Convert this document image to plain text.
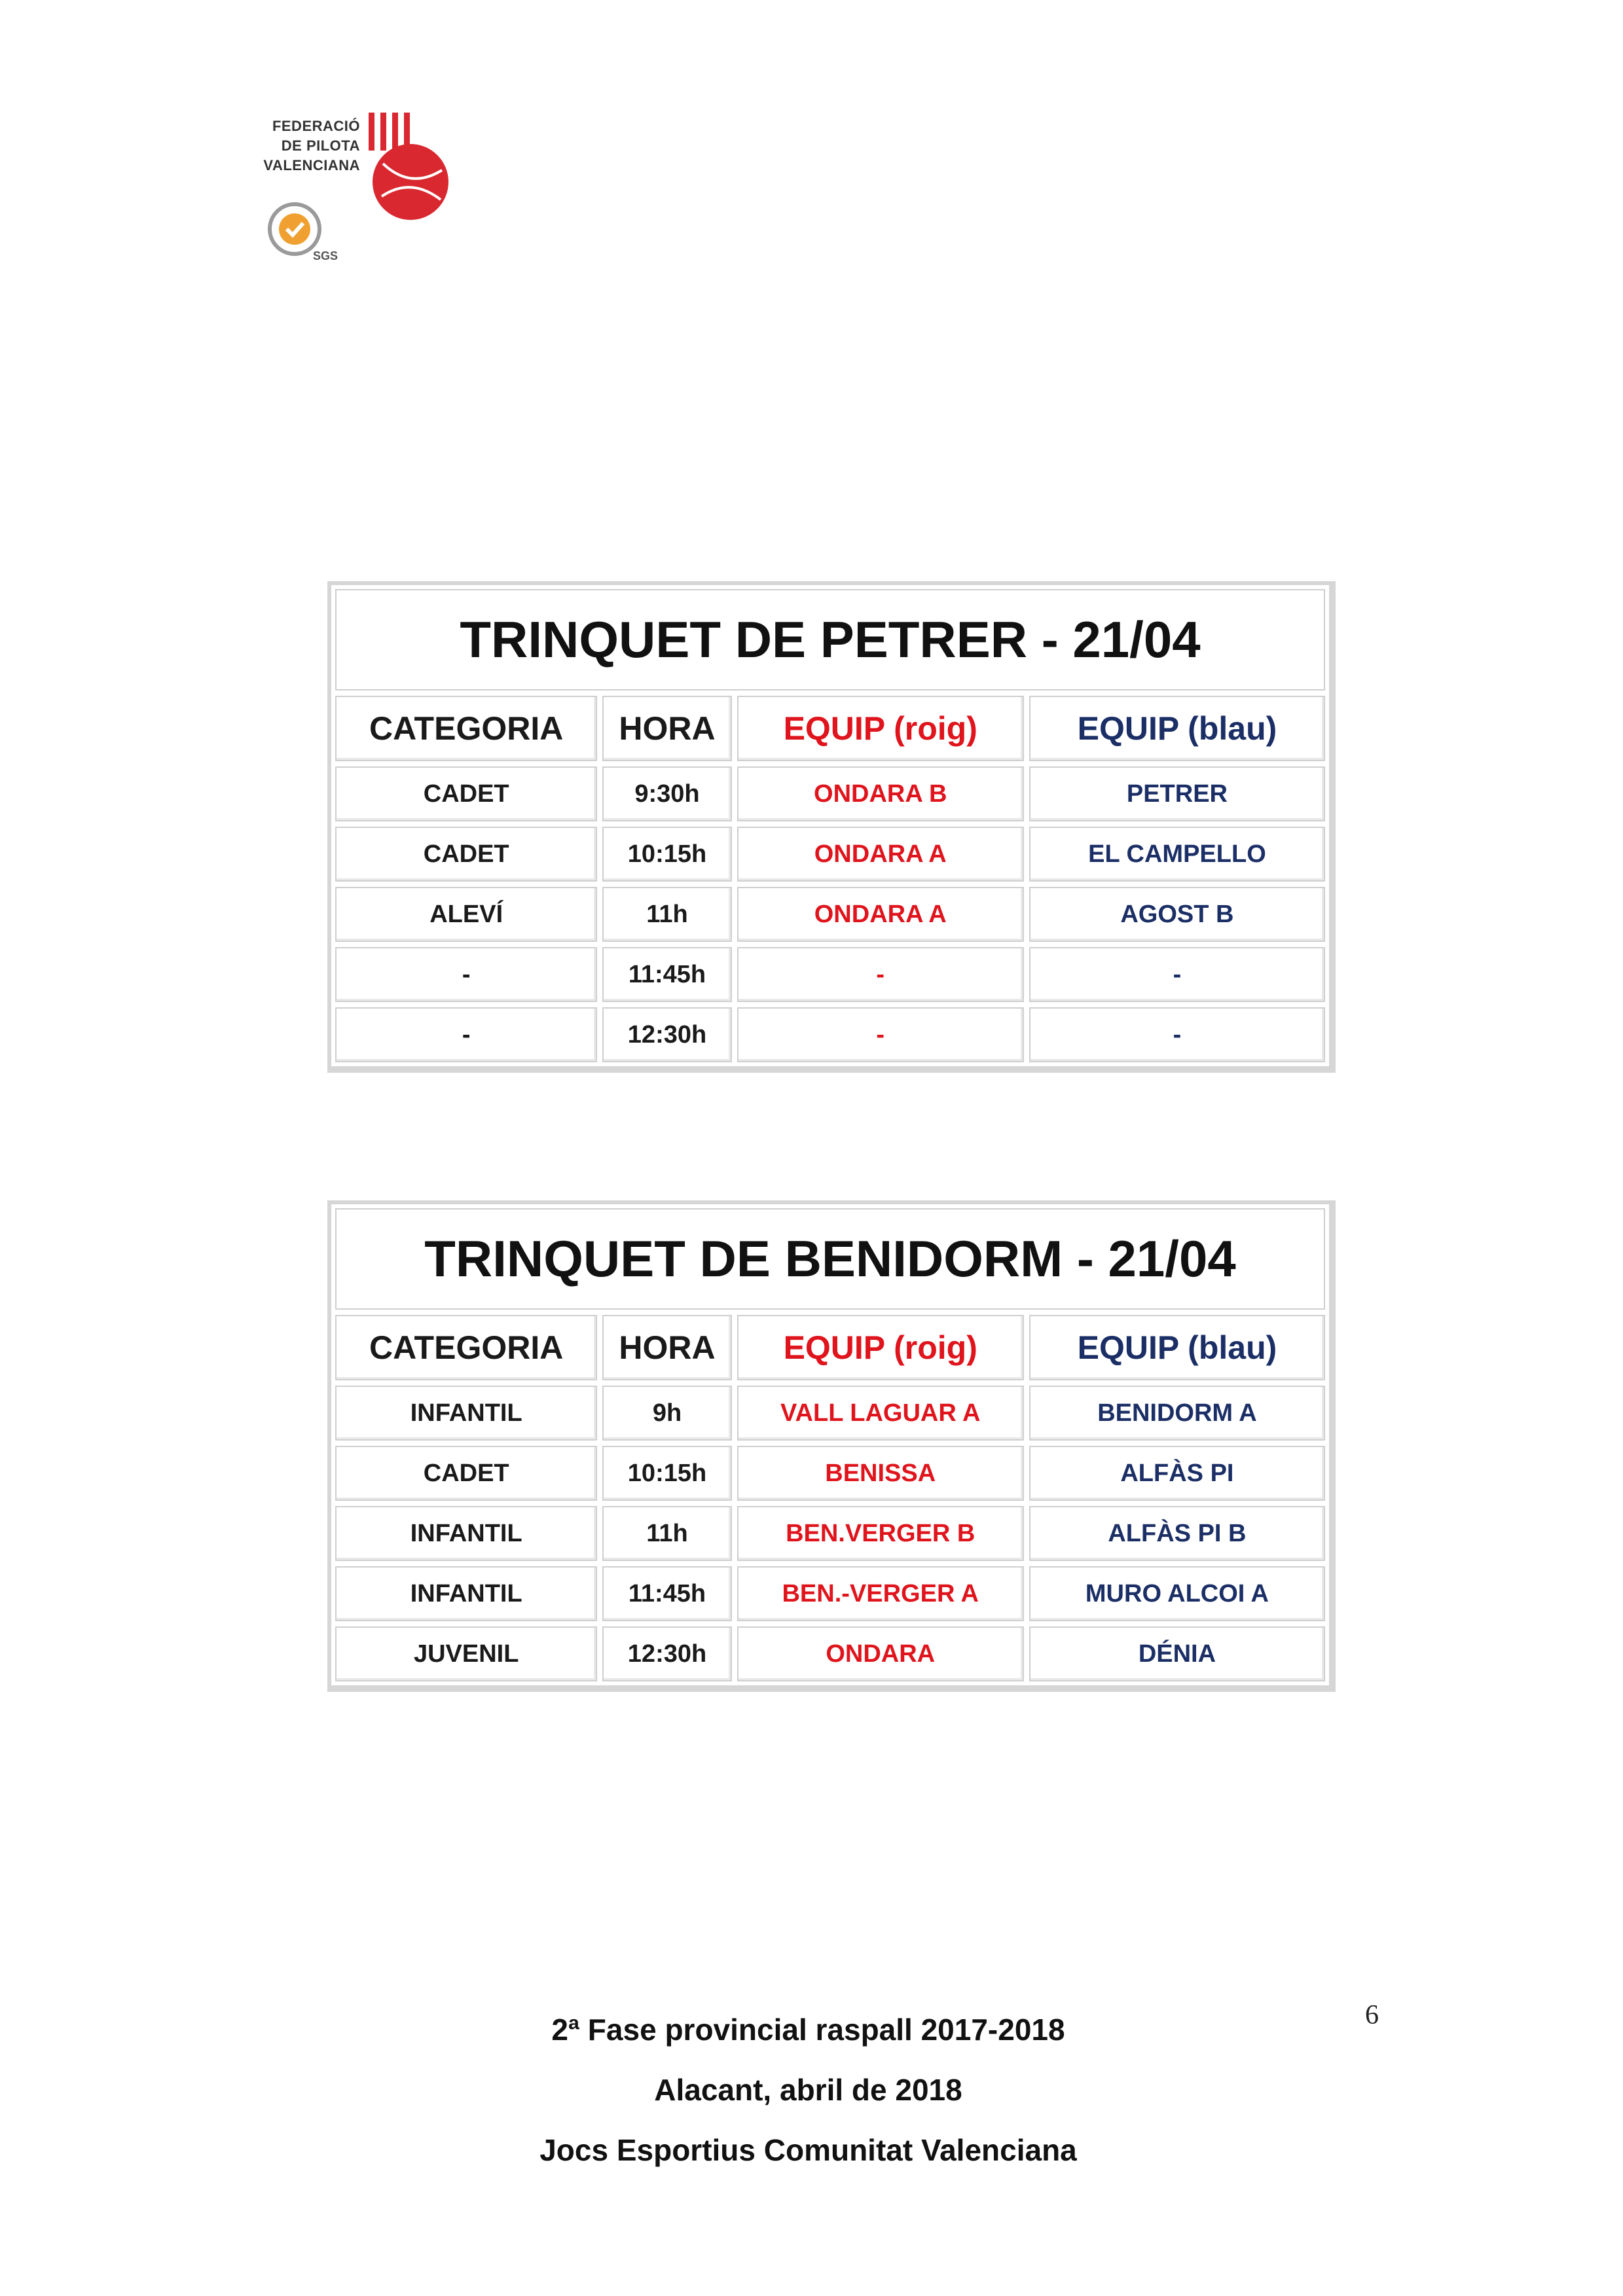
FEDERACIÓ
DE PILOTA
VALENCIANA
SGS
TRINQUET DE PETRER - 21/04
CATEGORIA	HORA	EQUIP (roig)	EQUIP (blau)
CADET	9:30h	ONDARA B	PETRER
CADET	10:15h	ONDARA A	EL CAMPELLO
ALEVÍ	11h	ONDARA A	AGOST B
-	11:45h	-	-
-	12:30h	-	-
TRINQUET DE BENIDORM - 21/04
CATEGORIA	HORA	EQUIP (roig)	EQUIP (blau)
INFANTIL	9h	VALL LAGUAR A	BENIDORM A
CADET	10:15h	BENISSA	ALFÀS PI
INFANTIL	11h	BEN.VERGER B	ALFÀS PI B
INFANTIL	11:45h	BEN.-VERGER A	MURO ALCOI A
JUVENIL	12:30h	ONDARA	DÉNIA
2ª Fase provincial raspall 2017-2018
Alacant, abril de 2018
Jocs Esportius Comunitat Valenciana
6
